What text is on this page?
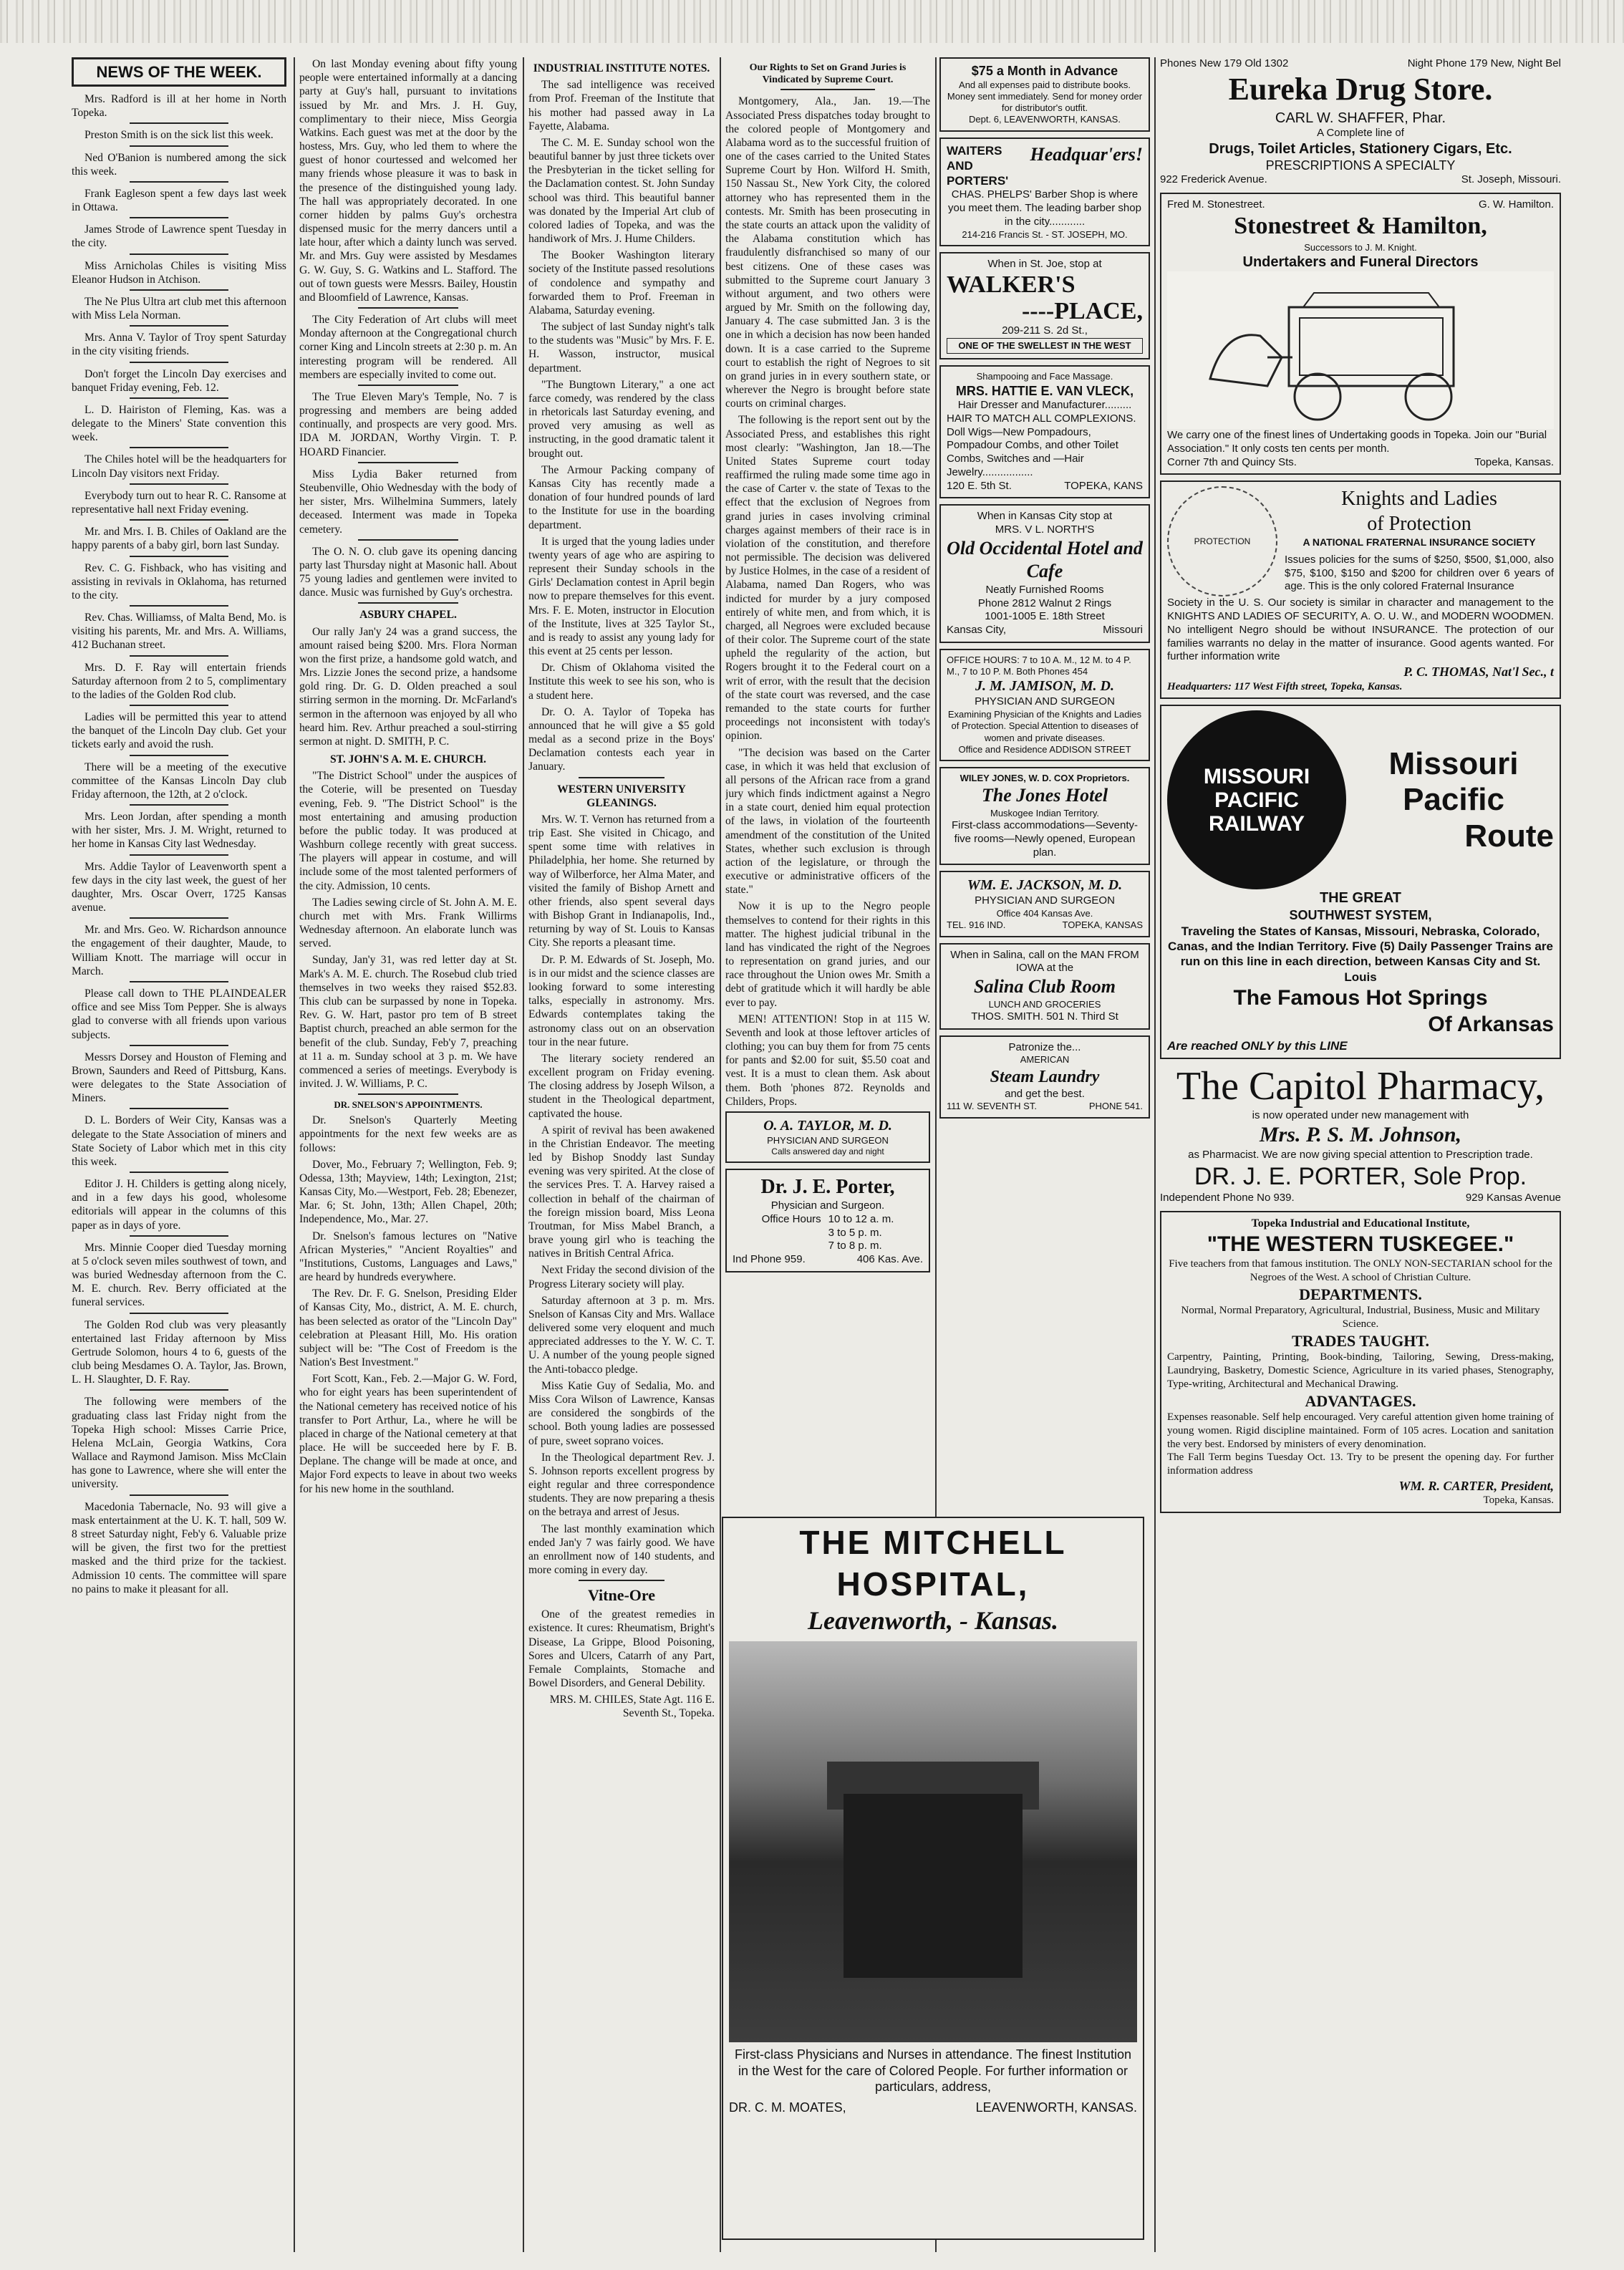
NEWS OF THE WEEK.

Mrs. Radford is ill at her home in North Topeka.

Preston Smith is on the sick list this week.

Ned O'Banion is numbered among the sick this week.

Frank Eagleson spent a few days last week in Ottawa.

James Strode of Lawrence spent Tuesday in the city.

Miss Arnicholas Chiles is visiting Miss Eleanor Hudson in Atchison.

The Ne Plus Ultra art club met this afternoon with Miss Lela Norman.

Mrs. Anna V. Taylor of Troy spent Saturday in the city visiting friends.

Don't forget the Lincoln Day exercises and banquet Friday evening, Feb. 12.

L. D. Hairiston of Fleming, Kas. was a delegate to the Miners' State convention this week.

The Chiles hotel will be the headquarters for Lincoln Day visitors next Friday.

Everybody turn out to hear R. C. Ransome at representative hall next Friday evening.

Mr. and Mrs. I. B. Chiles of Oakland are the happy parents of a baby girl, born last Sunday.

Rev. C. G. Fishback, who has visiting and assisting in revivals in Oklahoma, has returned to the city.

Rev. Chas. Williamss, of Malta Bend, Mo. is visiting his parents, Mr. and Mrs. A. Williams, 412 Buchanan street.

Mrs. D. F. Ray will entertain friends Saturday afternoon from 2 to 5, complimentary to the ladies of the Golden Rod club.

Ladies will be permitted this year to attend the banquet of the Lincoln Day club. Get your tickets early and avoid the rush.

There will be a meeting of the executive committee of the Kansas Lincoln Day club Friday afternoon, the 12th, at 2 o'clock.

Mrs. Leon Jordan, after spending a month with her sister, Mrs. J. M. Wright, returned to her home in Kansas City last Wednesday.

Mrs. Addie Taylor of Leavenworth spent a few days in the city last week, the guest of her daughter, Mrs. Oscar Overr, 1725 Kansas avenue.

Mr. and Mrs. Geo. W. Richardson announce the engagement of their daughter, Maude, to William Knott. The marriage will occur in March.

Please call down to THE PLAINDEALER office and see Miss Tom Pepper. She is always glad to converse with all friends upon various subjects.

Messrs Dorsey and Houston of Fleming and Brown, Saunders and Reed of Pittsburg, Kans. were delegates to the State Association of Miners.

D. L. Borders of Weir City, Kansas was a delegate to the State Association of miners and State Society of Labor which met in this city this week.

Editor J. H. Childers is getting along nicely, and in a few days his good, wholesome editorials will appear in the columns of this paper as in days of yore.

Mrs. Minnie Cooper died Tuesday morning at 5 o'clock seven miles southwest of town, and was buried Wednesday afternoon from the C. M. E. church. Rev. Berry officiated at the funeral services.

The Golden Rod club was very pleasantly entertained last Friday afternoon by Miss Gertrude Solomon, hours 4 to 6, guests of the club being Mesdames O. A. Taylor, Jas. Brown, L. H. Slaughter, D. F. Ray.

The following were members of the graduating class last Friday night from the Topeka High school: Misses Carrie Price, Helena McLain, Georgia Watkins, Cora Wallace and Raymond Jamison. Miss McClain has gone to Lawrence, where she will enter the university.

Macedonia Tabernacle, No. 93 will give a mask entertainment at the U. K. T. hall, 509 W. 8 street Saturday night, Feb'y 6. Valuable prize will be given, the first two for the prettiest masked and the third prize for the tackiest. Admission 10 cents. The committee will spare no pains to make it pleasant for all.

On last Monday evening about fifty young people were entertained informally at a dancing party at Guy's hall, pursuant to invitations issued by Mr. and Mrs. J. H. Guy, complimentary to their niece, Miss Georgia Watkins. Each guest was met at the door by the hostess, Mrs. Guy, who led them to where the guest of honor courtessed and welcomed her many friends whose pleasure it was to bask in the presence of the distinguished young lady. The hall was appropriately decorated. In one corner hidden by palms Guy's orchestra dispensed music for the merry dancers until a late hour, after which a dainty lunch was served. Mr. and Mrs. Guy were assisted by Mesdames G. W. Guy, S. G. Watkins and L. Stafford. The out of town guests were Messrs. Bailey, Houstin and Bloomfield of Lawrence, Kansas.

The City Federation of Art clubs will meet Monday afternoon at the Congregational church corner King and Lincoln streets at 2:30 p. m. An interesting program will be rendered. All members are especially invited to come out.

The True Eleven Mary's Temple, No. 7 is progressing and members are being added continually, and prospects are very good. Mrs. IDA M. JORDAN, Worthy Virgin. T. P. HOARD Financier.

Miss Lydia Baker returned from Steubenville, Ohio Wednesday with the body of her sister, Mrs. Wilhelmina Summers, lately deceased. Interment was made in Topeka cemetery.

The O. N. O. club gave its opening dancing party last Thursday night at Masonic hall. About 75 young ladies and gentlemen were invited to dance. Music was furnished by Guy's orchestra.

ASBURY CHAPEL.

Our rally Jan'y 24 was a grand success, the amount raised being $200. Mrs. Flora Norman won the first prize, a handsome gold watch, and Mrs. Lizzie Jones the second prize, a handsome gold ring. Dr. G. D. Olden preached a soul stirring sermon in the morning. Dr. McFarland's sermon in the afternoon was enjoyed by all who heard him. Rev. Arthur preached a soul-stirring sermon at night. D. SMITH, P. C.

ST. JOHN'S A. M. E. CHURCH.

"The District School" under the auspices of the Coterie, will be presented on Tuesday evening, Feb. 9. "The District School" is the most entertaining and amusing production before the public today. It was produced at Washburn college recently with great success. The players will appear in costume, and will include some of the most talented performers of the city. Admission, 10 cents.

The Ladies sewing circle of St. John A. M. E. church met with Mrs. Frank Willirms Wednesday afternoon. An elaborate lunch was served.

Sunday, Jan'y 31, was red letter day at St. Mark's A. M. E. church. The Rosebud club tried themselves in two weeks they raised $52.83. This club can be surpassed by none in Topeka. Rev. G. W. Hart, pastor pro tem of B street Baptist church, preached an able sermon for the benefit of the club. Sunday, Feb'y 7, preaching at 11 a. m. Sunday school at 3 p. m. We have commenced a series of meetings. Everybody is invited. J. W. Williams, P. C.

DR. SNELSON'S APPOINTMENTS.

Dr. Snelson's Quarterly Meeting appointments for the next few weeks are as follows:

Dover, Mo., February 7; Wellington, Feb. 9; Odessa, 13th; Mayview, 14th; Lexington, 21st; Kansas City, Mo.—Westport, Feb. 28; Ebenezer, Mar. 6; St. John, 13th; Allen Chapel, 20th; Independence, Mo., Mar. 27.

Dr. Snelson's famous lectures on "Native African Mysteries," "Ancient Royalties" and "Institutions, Customs, Languages and Laws," are heard by hundreds everywhere.

The Rev. Dr. F. G. Snelson, Presiding Elder of Kansas City, Mo., district, A. M. E. church, has been selected as orator of the "Lincoln Day" celebration at Pleasant Hill, Mo. His oration subject will be: "The Cost of Freedom is the Nation's Best Investment."

Fort Scott, Kan., Feb. 2.—Major G. W. Ford, who for eight years has been superintendent of the National cemetery has received notice of his transfer to Port Arthur, La., where he will be placed in charge of the National cemetery at that place. He will be succeeded here by F. B. Deplane. The change will be made at once, and Major Ford expects to leave in about two weeks for his new home in the southland.

INDUSTRIAL INSTITUTE NOTES.

The sad intelligence was received from Prof. Freeman of the Institute that his mother had passed away in La Fayette, Alabama.

The C. M. E. Sunday school won the beautiful banner by just three tickets over the Presbyterian in the ticket selling for the Daclamation contest. St. John Sunday school was third. This beautiful banner was donated by the Imperial Art club of colored ladies of Topeka, and was the handiwork of Mrs. J. Hume Childers.

The Booker Washington literary society of the Institute passed resolutions of condolence and sympathy and forwarded them to Prof. Freeman in Alabama, Saturday evening.

The subject of last Sunday night's talk to the students was "Music" by Mrs. F. E. H. Wasson, instructor, musical department.

"The Bungtown Literary," a one act farce comedy, was rendered by the class in rhetoricals last Saturday evening, and proved very amusing as well as instructing, in the good dramatic talent it brought out.

The Armour Packing company of Kansas City has recently made a donation of four hundred pounds of lard to the Institute for use in the boarding department.

It is urged that the young ladies under twenty years of age who are aspiring to represent their Sunday schools in the Girls' Declamation contest in April begin now to prepare themselves for this event. Mrs. F. E. Moten, instructor in Elocution of the Institute, lives at 325 Taylor St., and is ready to assist any young lady for this event at 25 cents per lesson.

Dr. Chism of Oklahoma visited the Institute this week to see his son, who is a student here.

Dr. O. A. Taylor of Topeka has announced that he will give a $5 gold medal as a second prize in the Boys' Declamation contests each year in January.

WESTERN UNIVERSITY GLEANINGS.

Mrs. W. T. Vernon has returned from a trip East. She visited in Chicago, and spent some time with relatives in Philadelphia, her home. She returned by way of Wilberforce, her Alma Mater, and visited the family of Bishop Arnett and other friends, also spent several days with Bishop Grant in Indianapolis, Ind., returning by way of St. Louis to Kansas City. She reports a pleasant time.

Dr. P. M. Edwards of St. Joseph, Mo. is in our midst and the science classes are looking forward to some interesting talks, especially in astronomy. Mrs. Edwards contemplates taking the astronomy class out on an observation tour in the near future.

The literary society rendered an excellent program on Friday evening. The closing address by Joseph Wilson, a student in the Theological department, captivated the house.

A spirit of revival has been awakened in the Christian Endeavor. The meeting led by Bishop Snoddy last Sunday evening was very spirited. At the close of the services Pres. T. A. Harvey raised a collection in behalf of the chairman of the foreign mission board, Miss Leona Troutman, for Miss Mabel Branch, a brave young girl who is teaching the natives in British Central Africa.

Next Friday the second division of the Progress Literary society will play.

Saturday afternoon at 3 p. m. Mrs. Snelson of Kansas City and Mrs. Wallace delivered some very eloquent and much appreciated addresses to the Y. W. C. T. U. A number of the young people signed the Anti-tobacco pledge.

Miss Katie Guy of Sedalia, Mo. and Miss Cora Wilson of Lawrence, Kansas are considered the songbirds of the school. Both young ladies are possessed of pure, sweet soprano voices.

In the Theological department Rev. J. S. Johnson reports excellent progress by eight regular and three correspondence students. They are now preparing a thesis on the betraya and arrest of Jesus.

The last monthly examination which ended Jan'y 7 was fairly good. We have an enrollment now of 140 students, and more coming in every day.

Vitne-Ore
One of the greatest remedies in existence. It cures: Rheumatism, Bright's Disease, La Grippe, Blood Poisoning, Sores and Ulcers, Catarrh of any Part, Female Complaints, Stomache and Bowel Disorders, and General Debility.
MRS. M. CHILES, State Agt. 116 E. Seventh St., Topeka.
Our Rights to Set on Grand Juries is Vindicated by Supreme Court.

Montgomery, Ala., Jan. 19.—The Associated Press dispatches today brought to the colored people of Montgomery and Alabama word as to the successful fruition of one of the cases carried to the United States Supreme Court by Hon. Wilford H. Smith, 150 Nassau St., New York City, the colored attorney who has represented them in the contests. Mr. Smith has been prosecuting in the state courts an attack upon the validity of the Alabama constitution which has fraudulently disfranchised so many of our best citizens. One of these cases was submitted to the Supreme court January 3 without argument, and two others were argued by Mr. Smith on the following day, January 4. The case submitted Jan. 3 is the one in which a decision has now been handed down. It is a case carried to the Supreme court to establish the right of Negroes to sit on grand juries in in every southern state, or wherever the Negro is brought before state courts on criminal charges.

The following is the report sent out by the Associated Press, and establishes this right most clearly: "Washington, Jan 18.—The United States Supreme court today reaffirmed the ruling made some time ago in the case of Carter v. the state of Texas to the effect that the exclusion of Negroes from grand juries in cases involving criminal charges against members of their race is in violation of the constitution, and therefore not permissible. The decision was delivered by Justice Holmes, in the case of a resident of Alabama, named Dan Rogers, who was indicted for murder by a jury composed entirely of white men, and from which, it is charged, all Negroes were excluded because of their color. The Supreme court of the state upheld the regularity of the action, but Rogers brought it to the Federal court on a writ of error, with the result that the decision of the state court was reversed, and the case remanded to the state courts for further proceedings not inconsistent with today's opinion.

"The decision was based on the Carter case, in which it was held that exclusion of all persons of the African race from a grand jury which finds indictment against a Negro in a state court, denied him equal protection of the laws, in violation of the fourteenth amendment of the constitution of the United States, whether such exclusion is through action of the legislature, or through the executive or administrative officers of the state."

Now it is up to the Negro people themselves to contend for their rights in this matter. The highest judicial tribunal in the land has vindicated the right of the Negroes to representation on grand juries, and our race throughout the Union owes Mr. Smith a debt of gratitude which it will hardly be able ever to pay.

MEN! ATTENTION! Stop in at 115 W. Seventh and look at those leftover articles of clothing; you can buy them for from 75 cents for pants and $2.00 for suit, $5.50 coat and vest. It is a must to clean them. Ask about them. Both 'phones 872. Reynolds and Childers, Props.

O. A. TAYLOR, M. D.
PHYSICIAN AND SURGEON
Calls answered day and night
Dr. J. E. Porter,
Physician and Surgeon.
Office Hours 10 to 12 a. m.
3 to 5 p. m.
7 to 8 p. m.
Ind Phone 959.	406 Kas. Ave.
$75 a Month in Advance
And all expenses paid to distribute books. Money sent immediately. Send for money order for distributor's outfit.
Dept. 6, LEAVENWORTH, KANSAS.
WAITERS AND PORTERS'
Headquar'ers!
CHAS. PHELPS' Barber Shop is where you meet them. The leading barber shop in the city............
214-216 Francis St. - ST. JOSEPH, MO.
When in St. Joe, stop at
WALKER'S
----PLACE,
209-211 S. 2d St.,
ONE OF THE SWELLEST IN THE WEST
Shampooing and Face Massage.
MRS. HATTIE E. VAN VLECK,
Hair Dresser and Manufacturer.........
HAIR TO MATCH ALL COMPLEXIONS. Doll Wigs—New Pompadours, Pompadour Combs, and other Toilet Combs, Switches and —Hair Jewelry.................
120 E. 5th St.	TOPEKA, KANS
When in Kansas City stop at
MRS. V L. NORTH'S
Old Occidental Hotel and Cafe
Neatly Furnished Rooms
Phone 2812 Walnut 2 Rings
1001-1005 E. 18th Street
Kansas City,	Missouri
OFFICE HOURS: 7 to 10 A. M., 12 M. to 4 P. M., 7 to 10 P. M. Both Phones 454
J. M. JAMISON, M. D.
PHYSICIAN AND SURGEON
Examining Physician of the Knights and Ladies of Protection. Special Attention to diseases of women and private diseases.
Office and Residence ADDISON STREET
WILEY JONES, W. D. COX Proprietors.
The Jones Hotel
Muskogee Indian Territory.
First-class accommodations—Seventy-five rooms—Newly opened, European plan.
WM. E. JACKSON, M. D.
PHYSICIAN AND SURGEON
Office 404 Kansas Ave.
TEL. 916 IND.	TOPEKA, KANSAS
When in Salina, call on the MAN FROM IOWA at the
Salina Club Room
LUNCH AND GROCERIES
THOS. SMITH. 501 N. Third St
Patronize the...
AMERICAN
Steam Laundry
and get the best.
111 W. SEVENTH ST.	PHONE 541.
THE MITCHELL HOSPITAL,
Leavenworth, - Kansas.
First-class Physicians and Nurses in attendance. The finest Institution in the West for the care of Colored People. For further information or particulars, address,
DR. C. M. MOATES,	LEAVENWORTH, KANSAS.
Phones New 179 Old 1302	Night Phone 179 New, Night Bel
Eureka Drug Store.
CARL W. SHAFFER, Phar.
A Complete line of
Drugs, Toilet Articles, Stationery Cigars, Etc.
PRESCRIPTIONS A SPECIALTY
922 Frederick Avenue.	St. Joseph, Missouri.
Fred M. Stonestreet.	G. W. Hamilton.
Stonestreet & Hamilton,
Successors to J. M. Knight.
Undertakers and Funeral Directors
We carry one of the finest lines of Undertaking goods in Topeka. Join our "Burial Association." It only costs ten cents per month.
Corner 7th and Quincy Sts.	Topeka, Kansas.
PROTECTION
Knights and Ladies
of Protection
A NATIONAL FRATERNAL INSURANCE SOCIETY
Issues policies for the sums of $250, $500, $1,000, also $75, $100, $150 and $200 for children over 6 years of age. This is the only colored Fraternal Insurance
Society in the U. S. Our society is similar in character and management to the KNIGHTS AND LADIES OF SECURITY, A. O. U. W., and MODERN WOODMEN. No intelligent Negro should be without INSURANCE. The protection of our families warrants no delay in the matter of insurance. Good agents wanted. For further information write
P. C. THOMAS, Nat'l Sec., t
Headquarters: 117 West Fifth street, Topeka, Kansas.
MISSOURI
PACIFIC
RAILWAY
Missouri
Pacific
Route
THE GREAT
SOUTHWEST SYSTEM,
Traveling the States of Kansas, Missouri, Nebraska, Colorado, Canas, and the Indian Territory. Five (5) Daily Passenger Trains are run on this line in each direction, between Kansas City and St. Louis
The Famous Hot Springs
Of Arkansas
Are reached ONLY by this LINE
The Capitol Pharmacy,
is now operated under new management with
Mrs. P. S. M. Johnson,
as Pharmacist. We are now giving special attention to Prescription trade.
DR. J. E. PORTER, Sole Prop.
Independent Phone No 939.	929 Kansas Avenue
Topeka Industrial and Educational Institute,
"THE WESTERN TUSKEGEE."
Five teachers from that famous institution. The ONLY NON-SECTARIAN school for the Negroes of the West. A school of Christian Culture.
DEPARTMENTS.
Normal, Normal Preparatory, Agricultural, Industrial, Business, Music and Military Science.
TRADES TAUGHT.
Carpentry, Painting, Printing, Book-binding, Tailoring, Sewing, Dress-making, Laundrying, Basketry, Domestic Science, Agriculture in its varied phases, Stenography, Type-writing, Architectural and Mechanical Drawing.
ADVANTAGES.
Expenses reasonable. Self help encouraged. Very careful attention given home training of young women. Rigid discipline maintained. Form of 105 acres. Location and sanitation the very best. Endorsed by ministers of every denomination.
The Fall Term begins Tuesday Oct. 13. Try to be present the opening day. For further information address
WM. R. CARTER, President,
Topeka, Kansas.
